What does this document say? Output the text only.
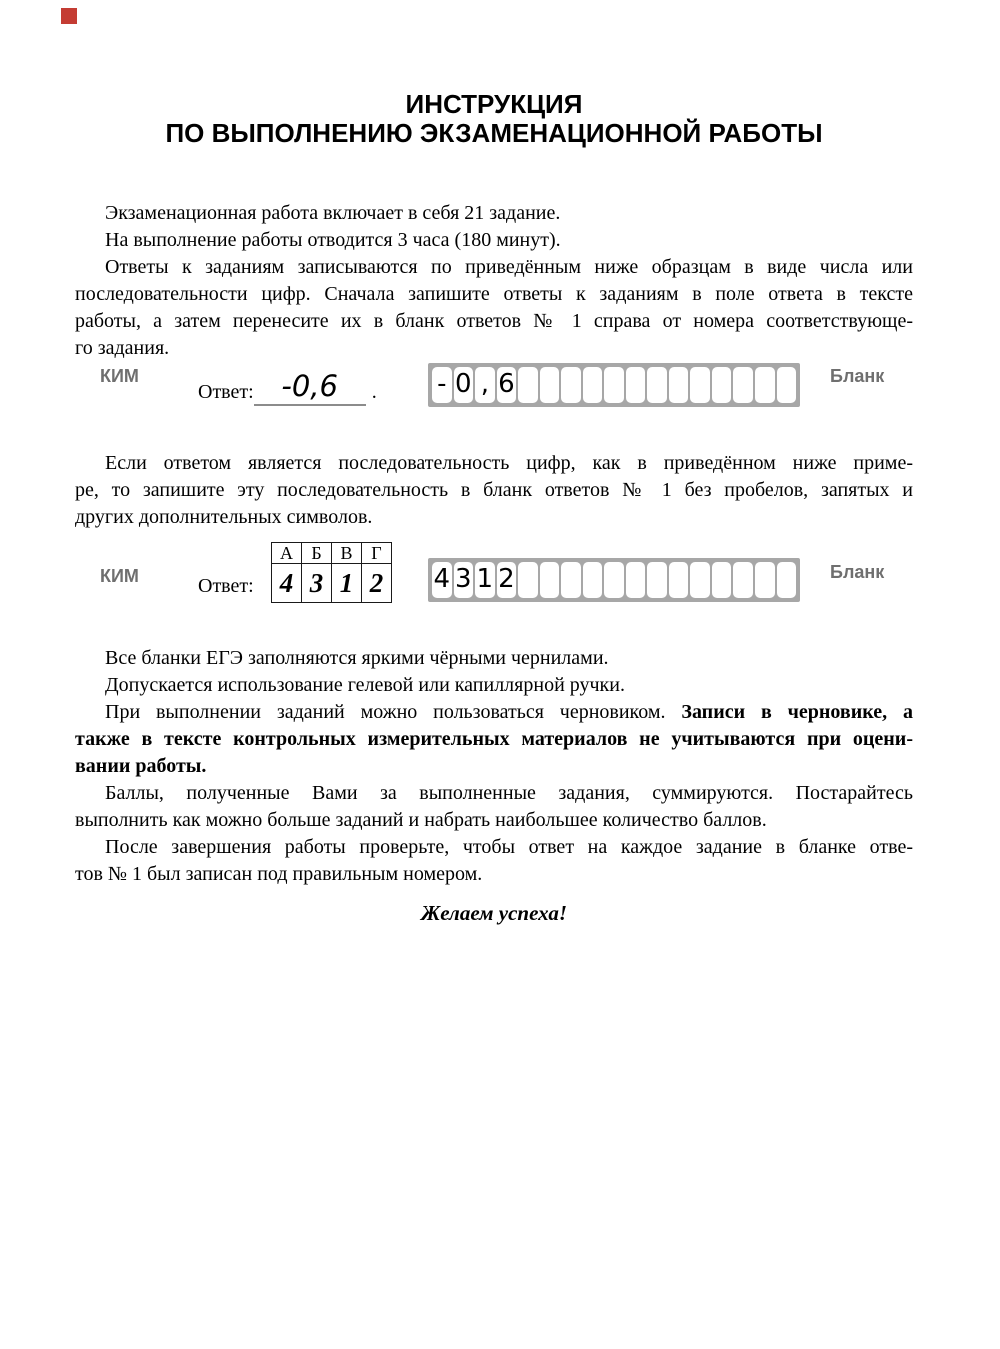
ИНСТРУКЦИЯ
ПО ВЫПОЛНЕНИЮ ЭКЗАМЕНАЦИОННОЙ РАБОТЫ
Экзаменационная работа включает в себя 21 задание.
На выполнение работы отводится 3 часа (180 минут).
Ответы к заданиям записываются по приведённым ниже образцам в виде числа или
последовательности цифр. Сначала запишите ответы к заданиям в поле ответа в тексте
работы, а затем перенесите их в бланк ответов № 1 справа от номера соответствующе-
го задания.
КИМ
Ответ: -0,6	. - 0 , 6	Бланк
Если ответом является последовательность цифр, как в приведённом ниже приме-
ре, то запишите эту последовательность в бланк ответов № 1 без пробелов, запятых и
других дополнительных символов.
КИМ	Ответ:
А	Б	В	Г
4	3	1	2 4 3 1 2	Бланк
Все бланки ЕГЭ заполняются яркими чёрными чернилами.
Допускается использование гелевой или капиллярной ручки.
При выполнении заданий можно пользоваться черновиком. Записи в черновике, а
также в тексте контрольных измерительных материалов не учитываются при оцени-
вании работы.
Баллы, полученные Вами за выполненные задания, суммируются. Постарайтесь
выполнить как можно больше заданий и набрать наибольшее количество баллов.
После завершения работы проверьте, чтобы ответ на каждое задание в бланке отве-
тов № 1 был записан под правильным номером.
Желаем успеха!
